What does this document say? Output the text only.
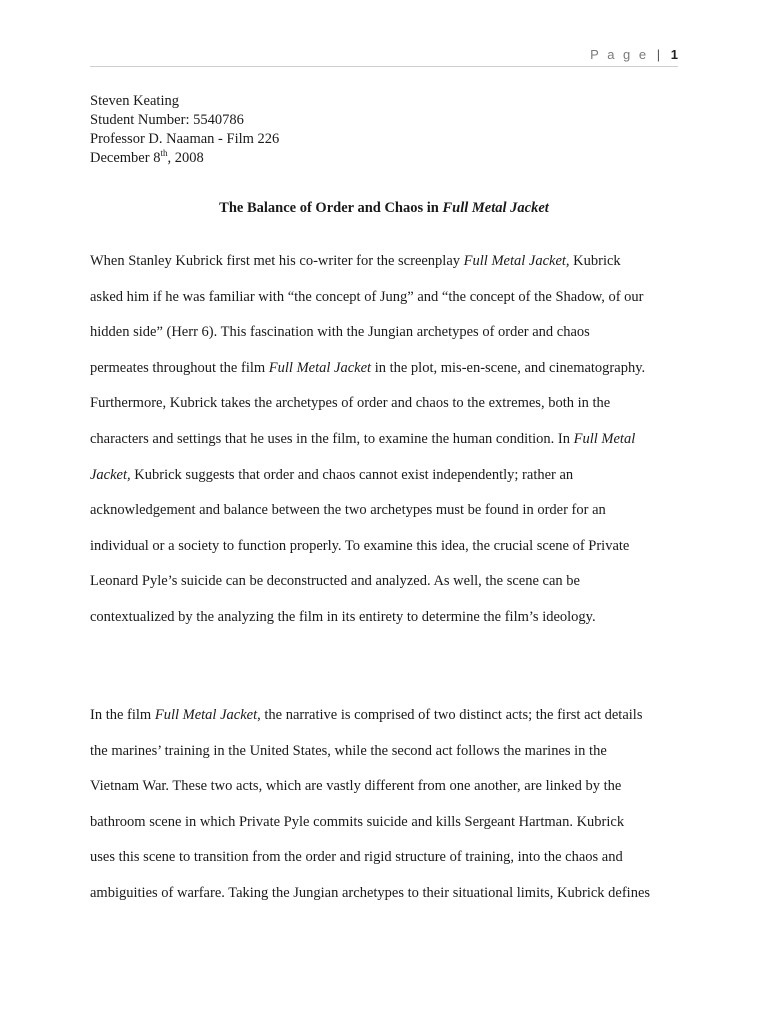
P a g e | 1
Steven Keating
Student Number: 5540786
Professor D. Naaman - Film 226
December 8th, 2008
The Balance of Order and Chaos in Full Metal Jacket
When Stanley Kubrick first met his co-writer for the screenplay Full Metal Jacket, Kubrick
asked him if he was familiar with “the concept of Jung” and “the concept of the Shadow, of our
hidden side” (Herr 6). This fascination with the Jungian archetypes of order and chaos
permeates throughout the film Full Metal Jacket in the plot, mis-en-scene, and cinematography.
Furthermore, Kubrick takes the archetypes of order and chaos to the extremes, both in the
characters and settings that he uses in the film, to examine the human condition. In Full Metal
Jacket, Kubrick suggests that order and chaos cannot exist independently; rather an
acknowledgement and balance between the two archetypes must be found in order for an
individual or a society to function properly. To examine this idea, the crucial scene of Private
Leonard Pyle’s suicide can be deconstructed and analyzed. As well, the scene can be
contextualized by the analyzing the film in its entirety to determine the film’s ideology.
In the film Full Metal Jacket, the narrative is comprised of two distinct acts; the first act details
the marines’ training in the United States, while the second act follows the marines in the
Vietnam War. These two acts, which are vastly different from one another, are linked by the
bathroom scene in which Private Pyle commits suicide and kills Sergeant Hartman. Kubrick
uses this scene to transition from the order and rigid structure of training, into the chaos and
ambiguities of warfare. Taking the Jungian archetypes to their situational limits, Kubrick defines
